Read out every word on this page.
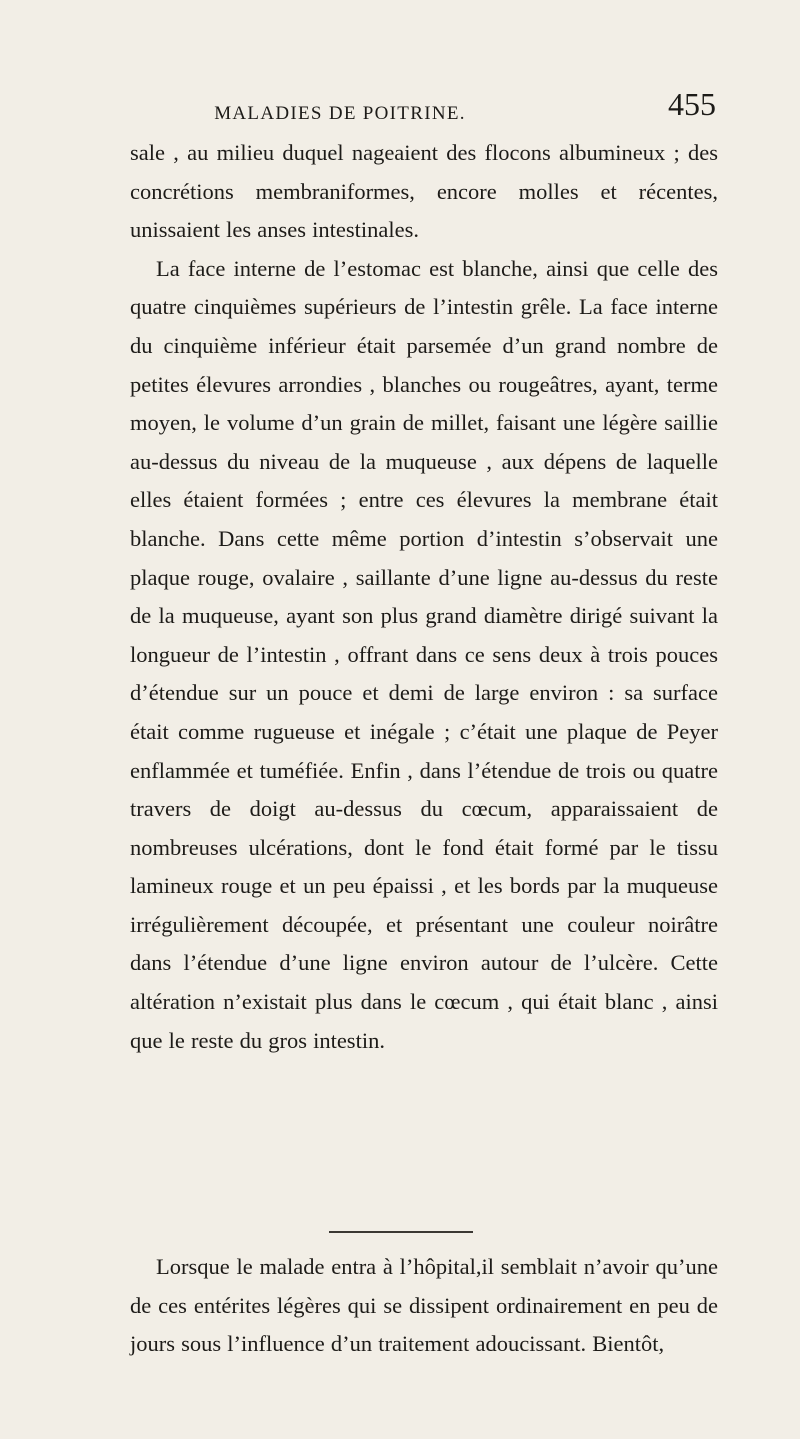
MALADIES DE POITRINE.	455

sale , au milieu duquel nageaient des flocons albumineux ; des concrétions membraniformes, encore molles et récentes, unissaient les anses intestinales.

La face interne de l’estomac est blanche, ainsi que celle des quatre cinquièmes supérieurs de l’intestin grêle. La face interne du cinquième inférieur était parsemée d’un grand nombre de petites élevures arrondies , blanches ou rougeâtres, ayant, terme moyen, le volume d’un grain de millet, faisant une légère saillie au-dessus du niveau de la muqueuse , aux dépens de laquelle elles étaient formées ; entre ces élevures la membrane était blanche. Dans cette même portion d’intestin s’observait une plaque rouge, ovalaire , saillante d’une ligne au-dessus du reste de la muqueuse, ayant son plus grand diamètre dirigé suivant la longueur de l’intestin , offrant dans ce sens deux à trois pouces d’étendue sur un pouce et demi de large environ : sa surface était comme rugueuse et inégale ; c’était une plaque de Peyer enflammée et tuméfiée. Enfin , dans l’étendue de trois ou quatre travers de doigt au-dessus du cœcum, apparaissaient de nombreuses ulcérations, dont le fond était formé par le tissu lamineux rouge et un peu épaissi , et les bords par la muqueuse irrégulièrement découpée, et présentant une couleur noirâtre dans l’étendue d’une ligne environ autour de l’ulcère. Cette altération n’existait plus dans le cœcum , qui était blanc , ainsi que le reste du gros intestin.

Lorsque le malade entra à l’hôpital,il semblait n’avoir qu’une de ces entérites légères qui se dissipent ordinairement en peu de jours sous l’influence d’un traitement adoucissant. Bientôt,
